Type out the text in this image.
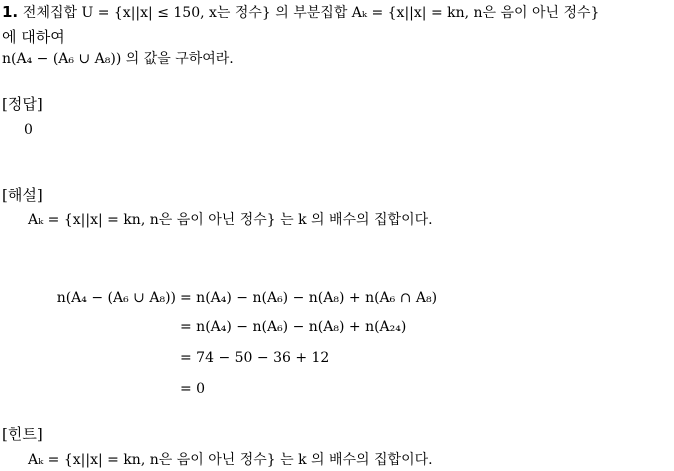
1. 전체집합 U = {x||x| ≤ 150, x는 정수} 의 부분집합 Aₖ = {x||x| = kn, n은 음이 아닌 정수}
에 대하여
n(A₄ − (A₆ ∪ A₈)) 의 값을 구하여라.
[정답]
0
[해설]
Aₖ = {x||x| = kn, n은 음이 아닌 정수} 는 k 의 배수의 집합이다.
n(A₄ − (A₆ ∪ A₈)) = n(A₄) − n(A₆) − n(A₈) + n(A₆ ∩ A₈)
= n(A₄) − n(A₆) − n(A₈) + n(A₂₄)
= 74 − 50 − 36 + 12
= 0
[힌트]
Aₖ = {x||x| = kn, n은 음이 아닌 정수} 는 k 의 배수의 집합이다.
